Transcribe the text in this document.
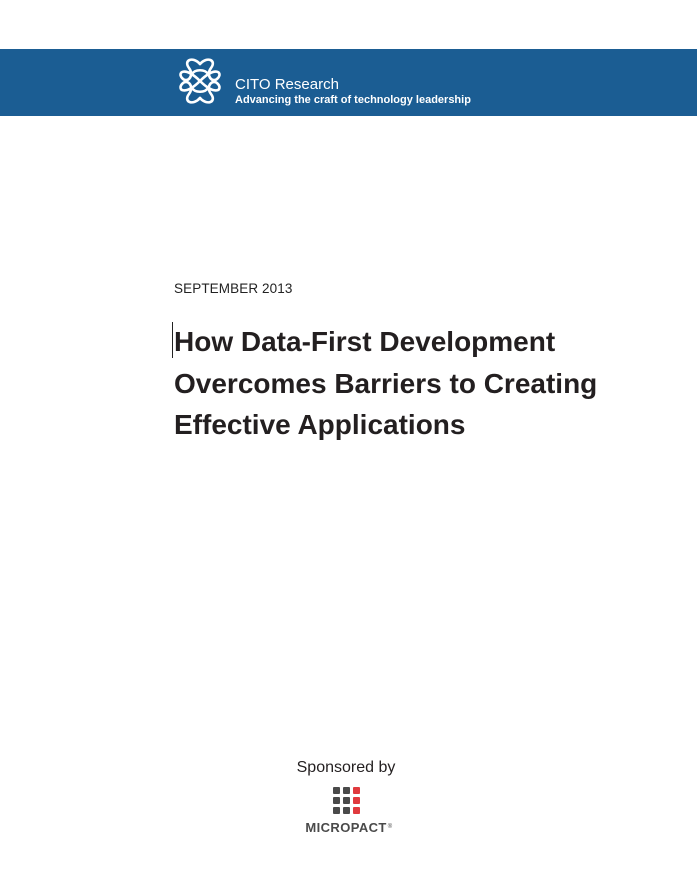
CITO Research
Advancing the craft of technology leadership
SEPTEMBER 2013
How Data-First Development
Overcomes Barriers to Creating
Effective Applications
Sponsored by
MICROPACT®
